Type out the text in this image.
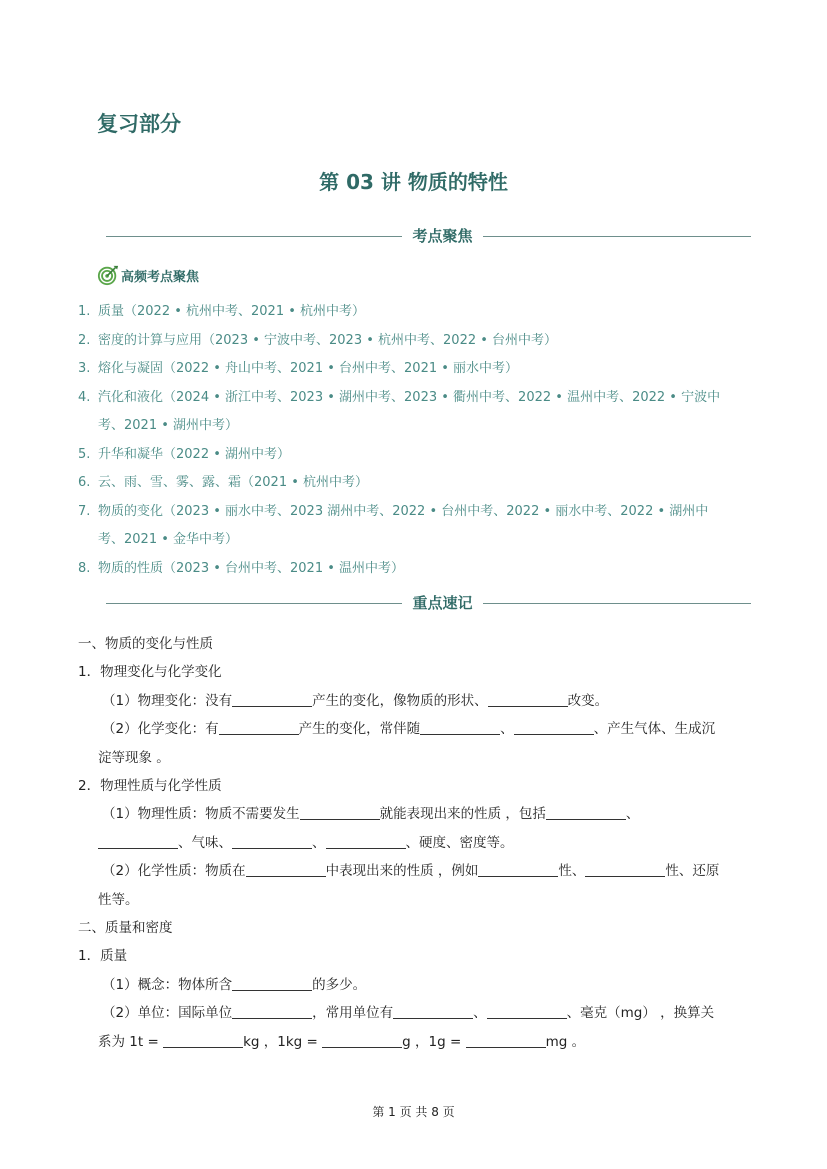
复习部分
第 03 讲 物质的特性
考点聚焦
高频考点聚焦
1. 质量（2022 • 杭州中考、2021 • 杭州中考）
2. 密度的计算与应用（2023 • 宁波中考、2023 • 杭州中考、2022 • 台州中考）
3. 熔化与凝固（2022 • 舟山中考、2021 • 台州中考、2021 • 丽水中考）
4. 汽化和液化（2024 • 浙江中考、2023 • 湖州中考、2023 • 衢州中考、2022 • 温州中考、2022 • 宁波中
考、2021 • 湖州中考）
5. 升华和凝华（2022 • 湖州中考）
6. 云、雨、雪、雾、露、霜（2021 • 杭州中考）
7. 物质的变化（2023 • 丽水中考、2023 湖州中考、2022 • 台州中考、2022 • 丽水中考、2022 • 湖州中
考、2021 • 金华中考）
8. 物质的性质（2023 • 台州中考、2021 • 温州中考）
重点速记

一、物质的变化与性质

1．物理变化与化学变化

（1）物理变化：没有	产生的变化，像物质的形状、	改变。

（2）化学变化：有	产生的变化，常伴随	、	、产生气体、生成沉

淀等现象 。

2．物理性质与化学性质

（1）物理性质：物质不需要发生	就能表现出来的性质 ，包括	、

、气味、	、	、硬度、密度等。

（2）化学性质：物质在	中表现出来的性质 ，例如	性、	性、还原

性等。

二、质量和密度

1．质量

（1）概念：物体所含	的多少。

（2）单位：国际单位	，常用单位有	、	、毫克（mg） ，换算关

系为 1t =	kg ，1kg =	g ，1g =	mg 。

第 1 页 共 8 页
